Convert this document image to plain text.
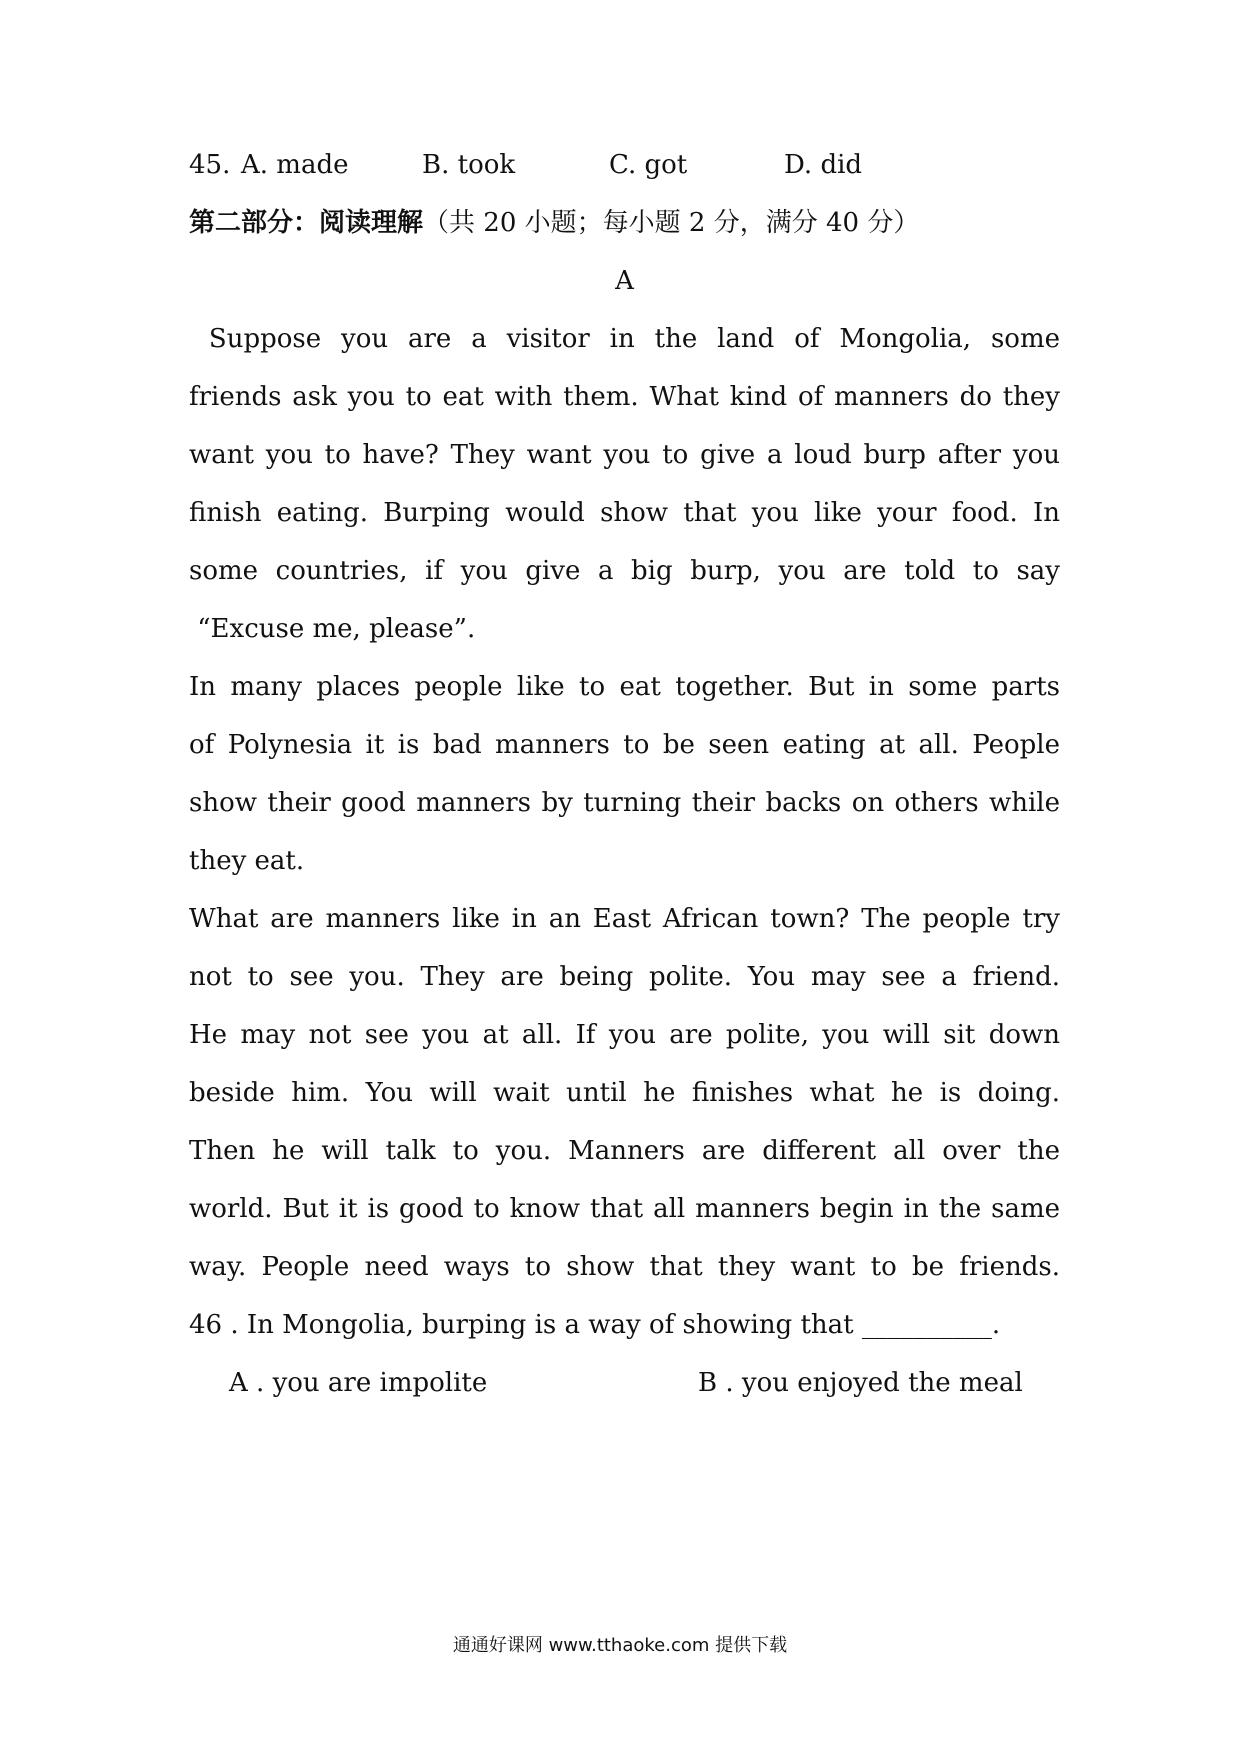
45. A. made	B. took	C. got	D. did
第二部分：阅读理解（共 20 小题；每小题 2 分，满分 40 分）
A
Suppose you are a visitor in the land of Mongolia, some
friends ask you to eat with them. What kind of manners do they
want you to have? They want you to give a loud burp after you
finish eating. Burping would show that you like your food. In
some countries, if you give a big burp, you are told to say
“Excuse me, please”.
In many places people like to eat together. But in some parts
of Polynesia it is bad manners to be seen eating at all. People
show their good manners by turning their backs on others while
they eat.
What are manners like in an East African town? The people try
not to see you. They are being polite. You may see a friend.
He may not see you at all. If you are polite, you will sit down
beside him. You will wait until he finishes what he is doing.
Then he will talk to you. Manners are different all over the
world. But it is good to know that all manners begin in the same
way. People need ways to show that they want to be friends.
46 . In Mongolia, burping is a way of showing that __________.
A . you are impolite	B . you enjoyed the meal
通通好课网 www.tthaoke.com 提供下载
